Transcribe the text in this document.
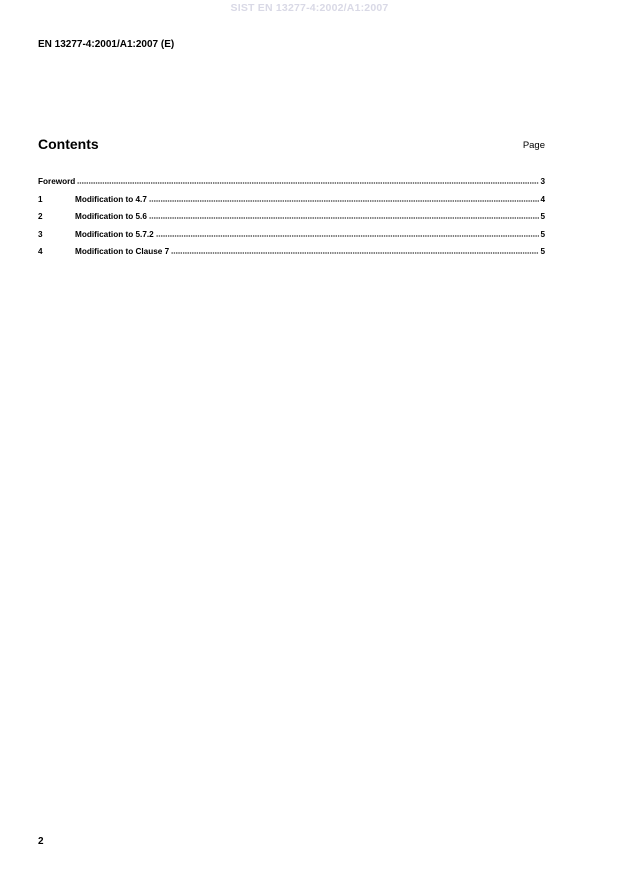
SIST EN 13277-4:2002/A1:2007
EN 13277-4:2001/A1:2007 (E)
Contents	Page
Foreword	3
1	Modification to 4.7	4
2	Modification to 5.6	5
3	Modification to 5.7.2	5
4	Modification to Clause 7	5
2
